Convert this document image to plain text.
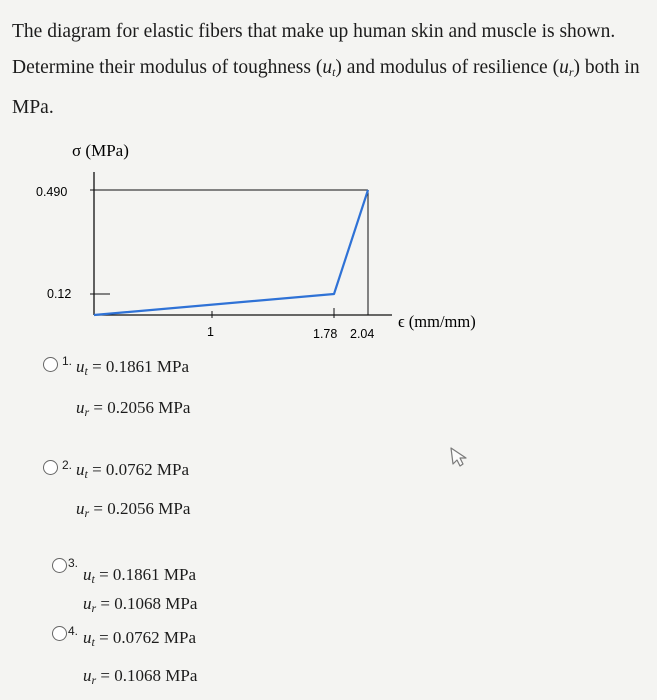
The diagram for elastic fibers that make up human skin and muscle is shown. Determine their modulus of toughness $(u_t)$ and modulus of resilience $(u_r)$ both in MPa.

σ (MPa)
ϵ (mm/mm)
0.490
0.12
1	1.78 2.04
1. $u_t = 0.1861$ MPa
$u_r = 0.2056$ MPa
2. $u_t = 0.0762$ MPa
$u_r = 0.2056$ MPa
3.
$u_t = 0.1861$ MPa
$u_r = 0.1068$ MPa
4. $u_t = 0.0762$ MPa
$u_r = 0.1068$ MPa
